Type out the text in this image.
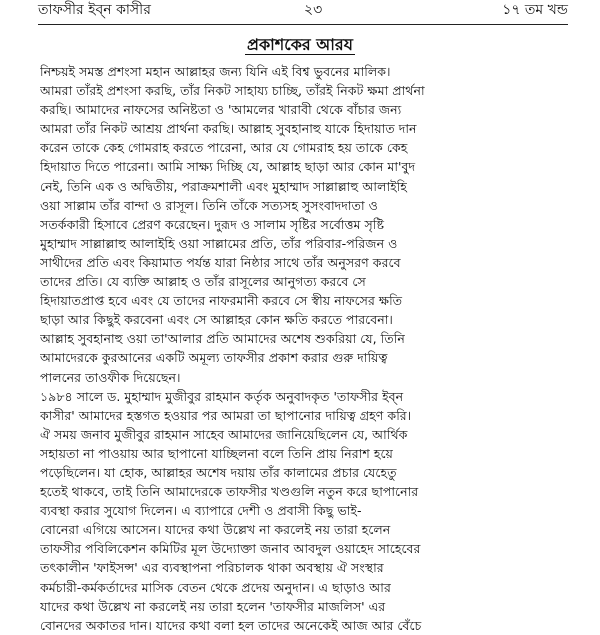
তাফসীর ইব্‌ন কাসীর	২৩	১৭ তম খন্ড
প্রকাশকের আরয
নিশ্চয়ই সমস্ত প্রশংসা মহান আল্লাহর জন্য যিনি এই বিশ্ব ভুবনের মালিক।
আমরা তাঁরই প্রশংসা করছি, তাঁর নিকট সাহায্য চাচ্ছি, তাঁরই নিকট ক্ষমা প্রার্থনা
করছি। আমাদের নাফসের অনিষ্টতা ও 'আমলের খারাবী থেকে বাঁচার জন্য
আমরা তাঁর নিকট আশ্রয় প্রার্থনা করছি। আল্লাহ সুবহানাহু যাকে হিদায়াত দান
করেন তাকে কেহ গোমরাহ করতে পারেনা, আর যে গোমরাহ হয় তাকে কেহ
হিদায়াত দিতে পারেনা। আমি সাক্ষ্য দিচ্ছি যে, আল্লাহ ছাড়া আর কোন মা'বুদ
নেই, তিনি এক ও অদ্বিতীয়, পরাক্রমশালী এবং মুহাম্মাদ সাল্লাল্লাহু আলাইহি
ওয়া সাল্লাম তাঁর বান্দা ও রাসূল। তিনি তাঁকে সত্যসহ সুসংবাদদাতা ও
সতর্ককারী হিসাবে প্রেরণ করেছেন। দুরূদ ও সালাম সৃষ্টির সর্বোত্তম সৃষ্টি
মুহাম্মাদ সাল্লাল্লাহু আলাইহি ওয়া সাল্লামের প্রতি, তাঁর পরিবার-পরিজন ও
সাথীদের প্রতি এবং কিয়ামাত পর্যন্ত যারা নিষ্ঠার সাথে তাঁর অনুসরণ করবে
তাদের প্রতি। যে ব্যক্তি আল্লাহ ও তাঁর রাসূলের আনুগত্য করবে সে
হিদায়াতপ্রাপ্ত হবে এবং যে তাদের নাফরমানী করবে সে স্বীয় নাফসের ক্ষতি
ছাড়া আর কিছুই করবেনা এবং সে আল্লাহর কোন ক্ষতি করতে পারবেনা।
আল্লাহ সুবহানাহু ওয়া তা'আলার প্রতি আমাদের অশেষ শুকরিয়া যে, তিনি
আমাদেরকে কুরআনের একটি অমূল্য তাফসীর প্রকাশ করার গুরু দায়িত্ব
পালনের তাওফীক দিয়েছেন।
১৯৮৪ সালে ড. মুহাম্মাদ মুজীবুর রাহমান কর্তৃক অনুবাদকৃত 'তাফসীর ইব্‌ন
কাসীর' আমাদের হস্তগত হওয়ার পর আমরা তা ছাপানোর দায়িত্ব গ্রহণ করি।
ঐ সময় জনাব মুজীবুর রাহমান সাহেব আমাদের জানিয়েছিলেন যে, আর্থিক
সহায়তা না পাওয়ায় আর ছাপানো যাচ্ছিলনা বলে তিনি প্রায় নিরাশ হয়ে
পড়েছিলেন। যা হোক, আল্লাহর অশেষ দয়ায় তাঁর কালামের প্রচার যেহেতু
হতেই থাকবে, তাই তিনি আমাদেরকে তাফসীর খণ্ডগুলি নতুন করে ছাপানোর
ব্যবস্থা করার সুযোগ দিলেন। এ ব্যাপারে দেশী ও প্রবাসী কিছু ভাই-
বোনেরা এগিয়ে আসেন। যাদের কথা উল্লেখ না করলেই নয় তারা হলেন
তাফসীর পবিলিকেশন কমিটির মূল উদ্যোক্তা জনাব আবদুল ওয়াহেদ সাহেবের
তৎকালীন 'ফাইসন্স' এর ব্যবস্থাপনা পরিচালক থাকা অবস্থায় ঐ সংস্থার
কর্মচারী-কর্মকর্তাদের মাসিক বেতন থেকে প্রদেয় অনুদান। এ ছাড়াও আর
যাদের কথা উল্লেখ না করলেই নয় তারা হলেন 'তাফসীর মাজলিস' এর
বোনদের অকাতর দান। যাদের কথা বলা হল তাদের অনেকেই আজ আর বেঁচে
